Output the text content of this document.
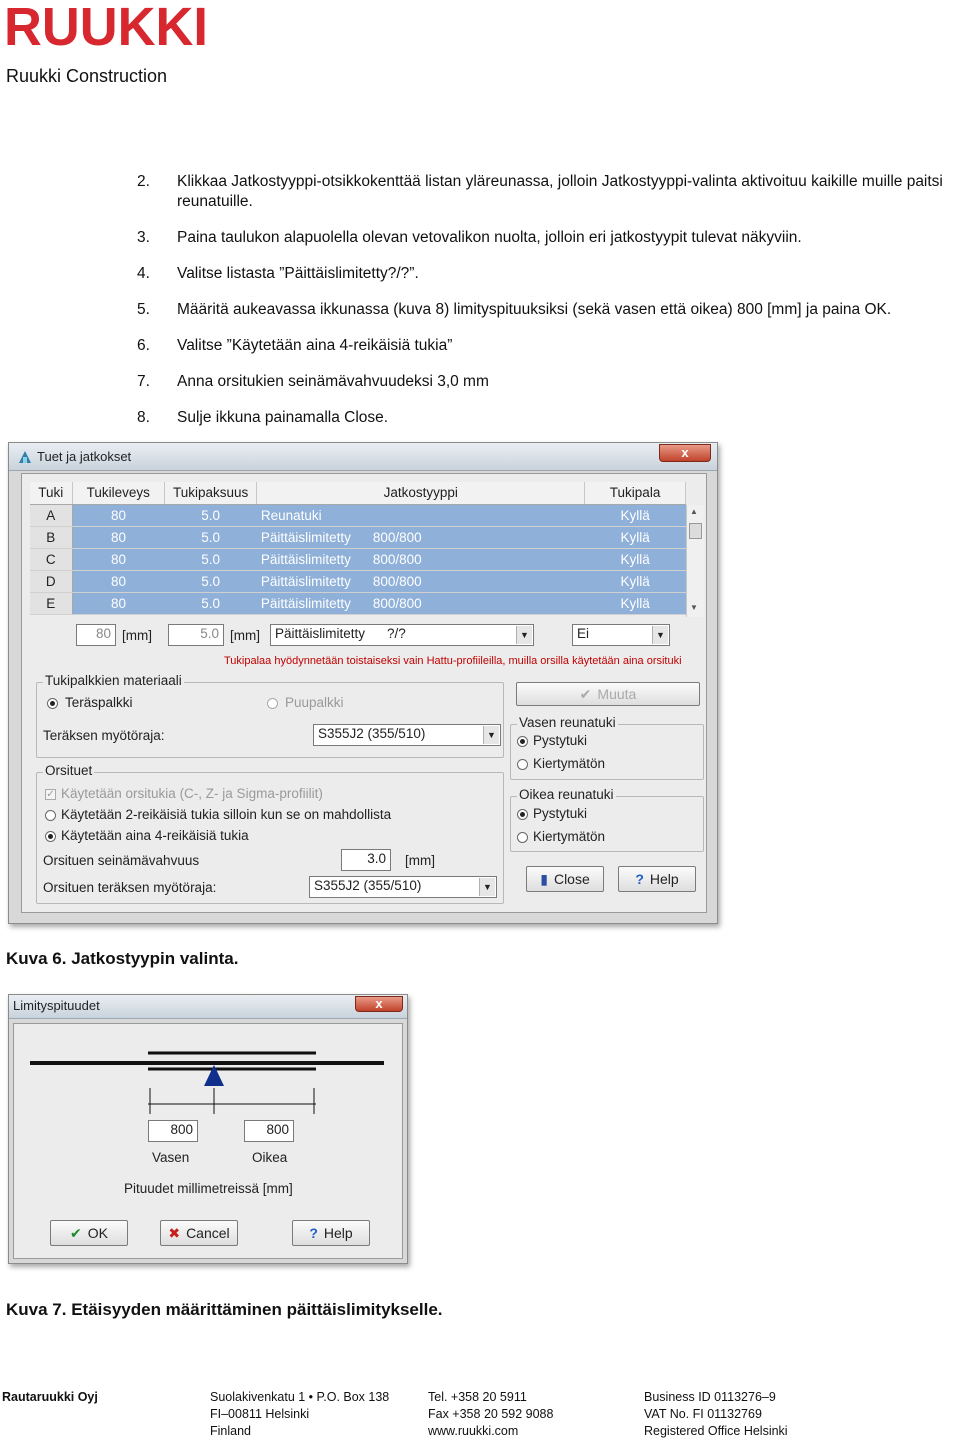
RUUKKI
Ruukki Construction
2. Klikkaa Jatkostyyppi-otsikkokenttää listan yläreunassa, jolloin Jatkostyyppi-valinta aktivoituu kaikille muille paitsi reunatuille.
3. Paina taulukon alapuolella olevan vetovalikon nuolta, jolloin eri jatkostyypit tulevat näkyviin.
4. Valitse listasta ”Päittäislimitetty?/?”.
5. Määritä aukeavassa ikkunassa (kuva 8) limityspituuksiksi (sekä vasen että oikea) 800 [mm] ja paina OK.
6. Valitse ”Käytetään aina 4-reikäisiä tukia”
7. Anna orsitukien seinämävahvuudeksi 3,0 mm
8. Sulje ikkuna painamalla Close.
Tuet ja jatkokset	x
Tuki	Tukileveys	Tukipaksuus	Jatkostyyppi	Tukipala
A	80	5.0	Reunatuki	Kyllä
B	80	5.0	Päittäislimitetty 800/800	Kyllä
C	80	5.0	Päittäislimitetty 800/800	Kyllä
D	80	5.0	Päittäislimitetty 800/800	Kyllä
E	80	5.0	Päittäislimitetty 800/800	Kyllä
▲
▼
80 [mm]	5.0 [mm]	Päittäislimitetty ?/?	▼	Ei	▼
Tukipalaa hyödynnetään toistaiseksi vain Hattu-profiileilla, muilla orsilla käytetään aina orsituki
Tukipalkkien materiaali
Teräspalkki	Puupalkki
Teräksen myötöraja:	S355J2 (355/510)	▼
Orsituet
✓ Käytetään orsitukia (C-, Z- ja Sigma-profiilit)
Käytetään 2-reikäisiä tukia silloin kun se on mahdollista
Käytetään aina 4-reikäisiä tukia
Orsituen seinämävahvuus	3.0	[mm]
Orsituen teräksen myötöraja:	S355J2 (355/510)	▼
✔ Muuta
Vasen reunatuki
Pystytuki
Kiertymätön
Oikea reunatuki
Pystytuki
Kiertymätön
▮ Close	? Help
Kuva 6. Jatkostyypin valinta.
Limityspituudet	x
800	800
Vasen	Oikea
Pituudet millimetreissä [mm]
✔ OK	✖ Cancel	? Help
Kuva 7. Etäisyyden määrittäminen päittäislimitykselle.
Rautaruukki Oyj	Suolakivenkatu 1 • P.O. Box 138
FI–00811 Helsinki
Finland
Tel. +358 20 5911
Fax +358 20 592 9088
www.ruukki.com
Business ID 0113276–9
VAT No. FI 01132769
Registered Office Helsinki
